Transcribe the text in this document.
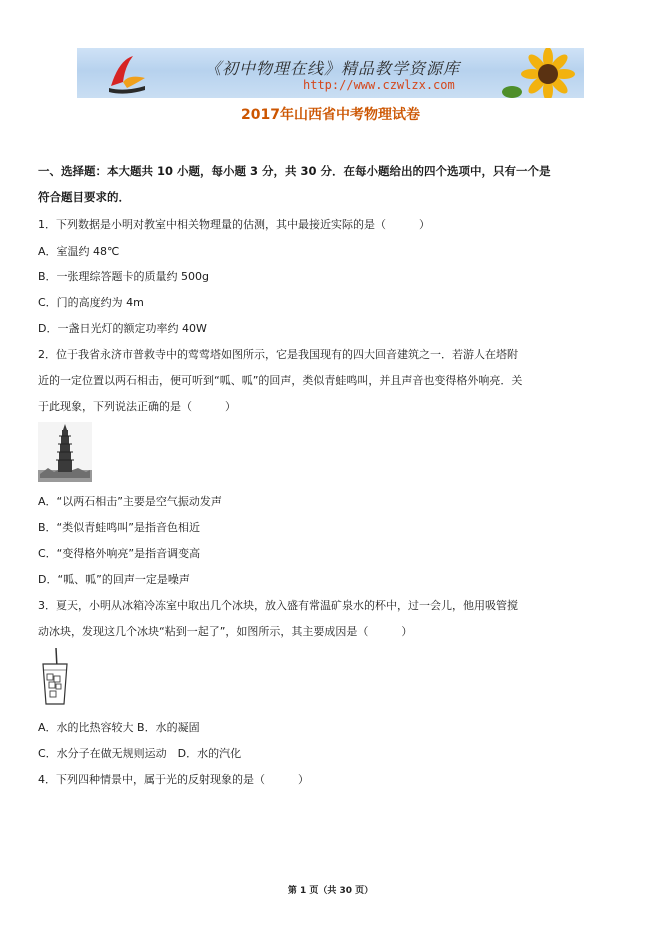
《初中物理在线》精品教学资源库
http://www.czwlzx.com
2017年山西省中考物理试卷
一、选择题：本大题共 10 小题，每小题 3 分，共 30 分．在每小题给出的四个选项中，只有一个是
符合题目要求的．
1．下列数据是小明对教室中相关物理量的估测，其中最接近实际的是（　　　）
A．室温约 48℃
B．一张理综答题卡的质量约 500g
C．门的高度约为 4m
D．一盏日光灯的额定功率约 40W
2．位于我省永济市普救寺中的莺莺塔如图所示，它是我国现有的四大回音建筑之一．若游人在塔附
近的一定位置以两石相击，便可听到“呱、呱”的回声，类似青蛙鸣叫，并且声音也变得格外响亮．关
于此现象，下列说法正确的是（　　　）
A．“以两石相击”主要是空气振动发声
B．“类似青蛙鸣叫”是指音色相近
C．“变得格外响亮”是指音调变高
D．“呱、呱”的回声一定是噪声
3．夏天，小明从冰箱冷冻室中取出几个冰块，放入盛有常温矿泉水的杯中，过一会儿，他用吸管搅
动冰块，发现这几个冰块“粘到一起了”，如图所示，其主要成因是（　　　）
A．水的比热容较大 B．水的凝固
C．水分子在做无规则运动　D．水的汽化
4．下列四种情景中，属于光的反射现象的是（　　　）
第 1 页（共 30 页）
